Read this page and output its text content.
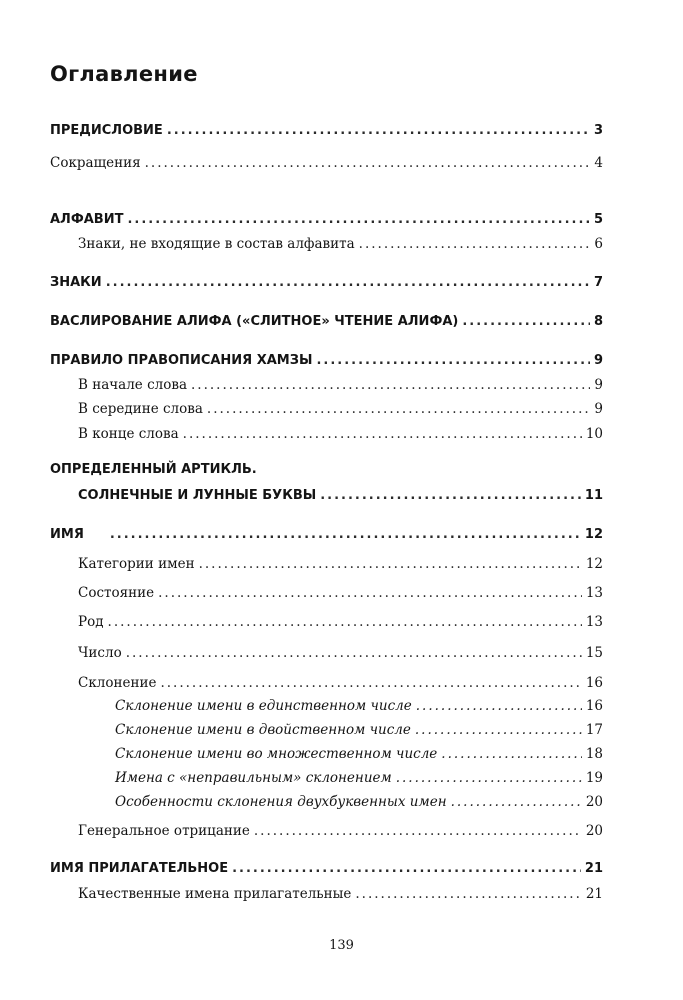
Оглавление
ПРЕДИСЛОВИЕ .....	3
Сокращения .....	4
АЛФАВИТ .....	5
Знаки, не входящие в состав алфавита .....	6
ЗНАКИ .....	7
ВАСЛИРОВАНИЕ АЛИФА («СЛИТНОЕ» ЧТЕНИЕ АЛИФА) .....	8
ПРАВИЛО ПРАВОПИСАНИЯ ХАМЗЫ .....	9
В начале слова .....	9
В середине слова .....	9
В конце слова .....	10
ОПРЕДЕЛЕННЫЙ АРТИКЛЬ.
СОЛНЕЧНЫЕ И ЛУННЫЕ БУКВЫ .....	11
ИМЯ .....	12
Категории имен .....	12
Состояние .....	13
Род .....	13
Число .....	15
Склонение .....	16
Склонение имени в единственном числе .....	16
Склонение имени в двойственном числе .....	17
Склонение имени во множественном числе .....	18
Имена с «неправильным» склонением .....	19
Особенности склонения двухбуквенных имен .....	20
Генеральное отрицание .....	20
ИМЯ ПРИЛАГАТЕЛЬНОЕ .....	21
Качественные имена прилагательные .....	21
139
